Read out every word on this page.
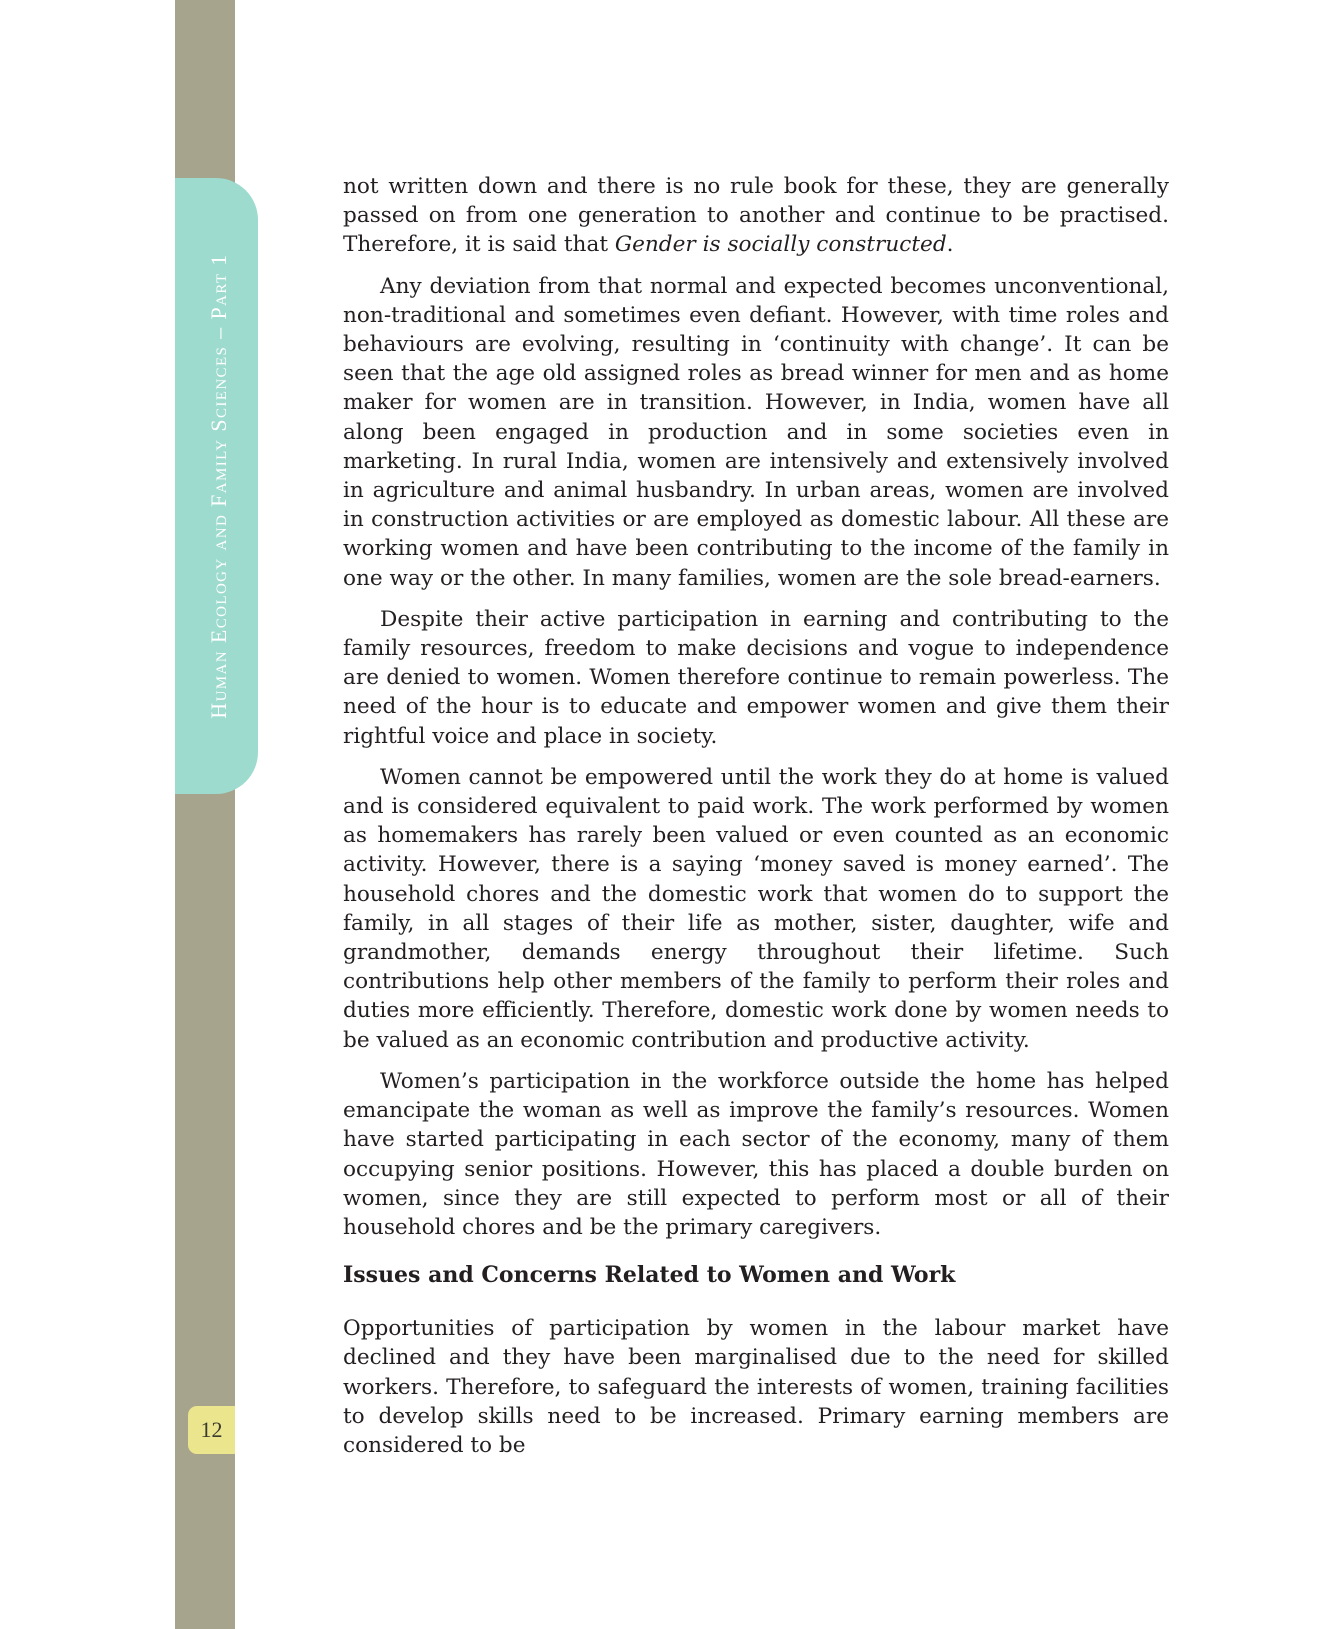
Human Ecology and Family Sciences – Part 1
12

not written down and there is no rule book for these, they are generally passed on from one generation to another and continue to be practised. Therefore, it is said that Gender is socially constructed.

Any deviation from that normal and expected becomes unconventional, non-traditional and sometimes even defiant. However, with time roles and behaviours are evolving, resulting in ‘continuity with change’. It can be seen that the age old assigned roles as bread winner for men and as home maker for women are in transition. However, in India, women have all along been engaged in production and in some societies even in marketing. In rural India, women are intensively and extensively involved in agriculture and animal husbandry. In urban areas, women are involved in construction activities or are employed as domestic labour. All these are working women and have been contributing to the income of the family in one way or the other. In many families, women are the sole bread-earners.

Despite their active participation in earning and contributing to the family resources, freedom to make decisions and vogue to independence are denied to women. Women therefore continue to remain powerless. The need of the hour is to educate and empower women and give them their rightful voice and place in society.

Women cannot be empowered until the work they do at home is valued and is considered equivalent to paid work. The work performed by women as homemakers has rarely been valued or even counted as an economic activity. However, there is a saying ‘money saved is money earned’. The household chores and the domestic work that women do to support the family, in all stages of their life as mother, sister, daughter, wife and grandmother, demands energy throughout their lifetime. Such contributions help other members of the family to perform their roles and duties more efficiently. Therefore, domestic work done by women needs to be valued as an economic contribution and productive activity.

Women’s participation in the workforce outside the home has helped emancipate the woman as well as improve the family’s resources. Women have started participating in each sector of the economy, many of them occupying senior positions. However, this has placed a double burden on women, since they are still expected to perform most or all of their household chores and be the primary caregivers.

Issues and Concerns Related to Women and Work

Opportunities of participation by women in the labour market have declined and they have been marginalised due to the need for skilled workers. Therefore, to safeguard the interests of women, training facilities to develop skills need to be increased. Primary earning members are considered to be
